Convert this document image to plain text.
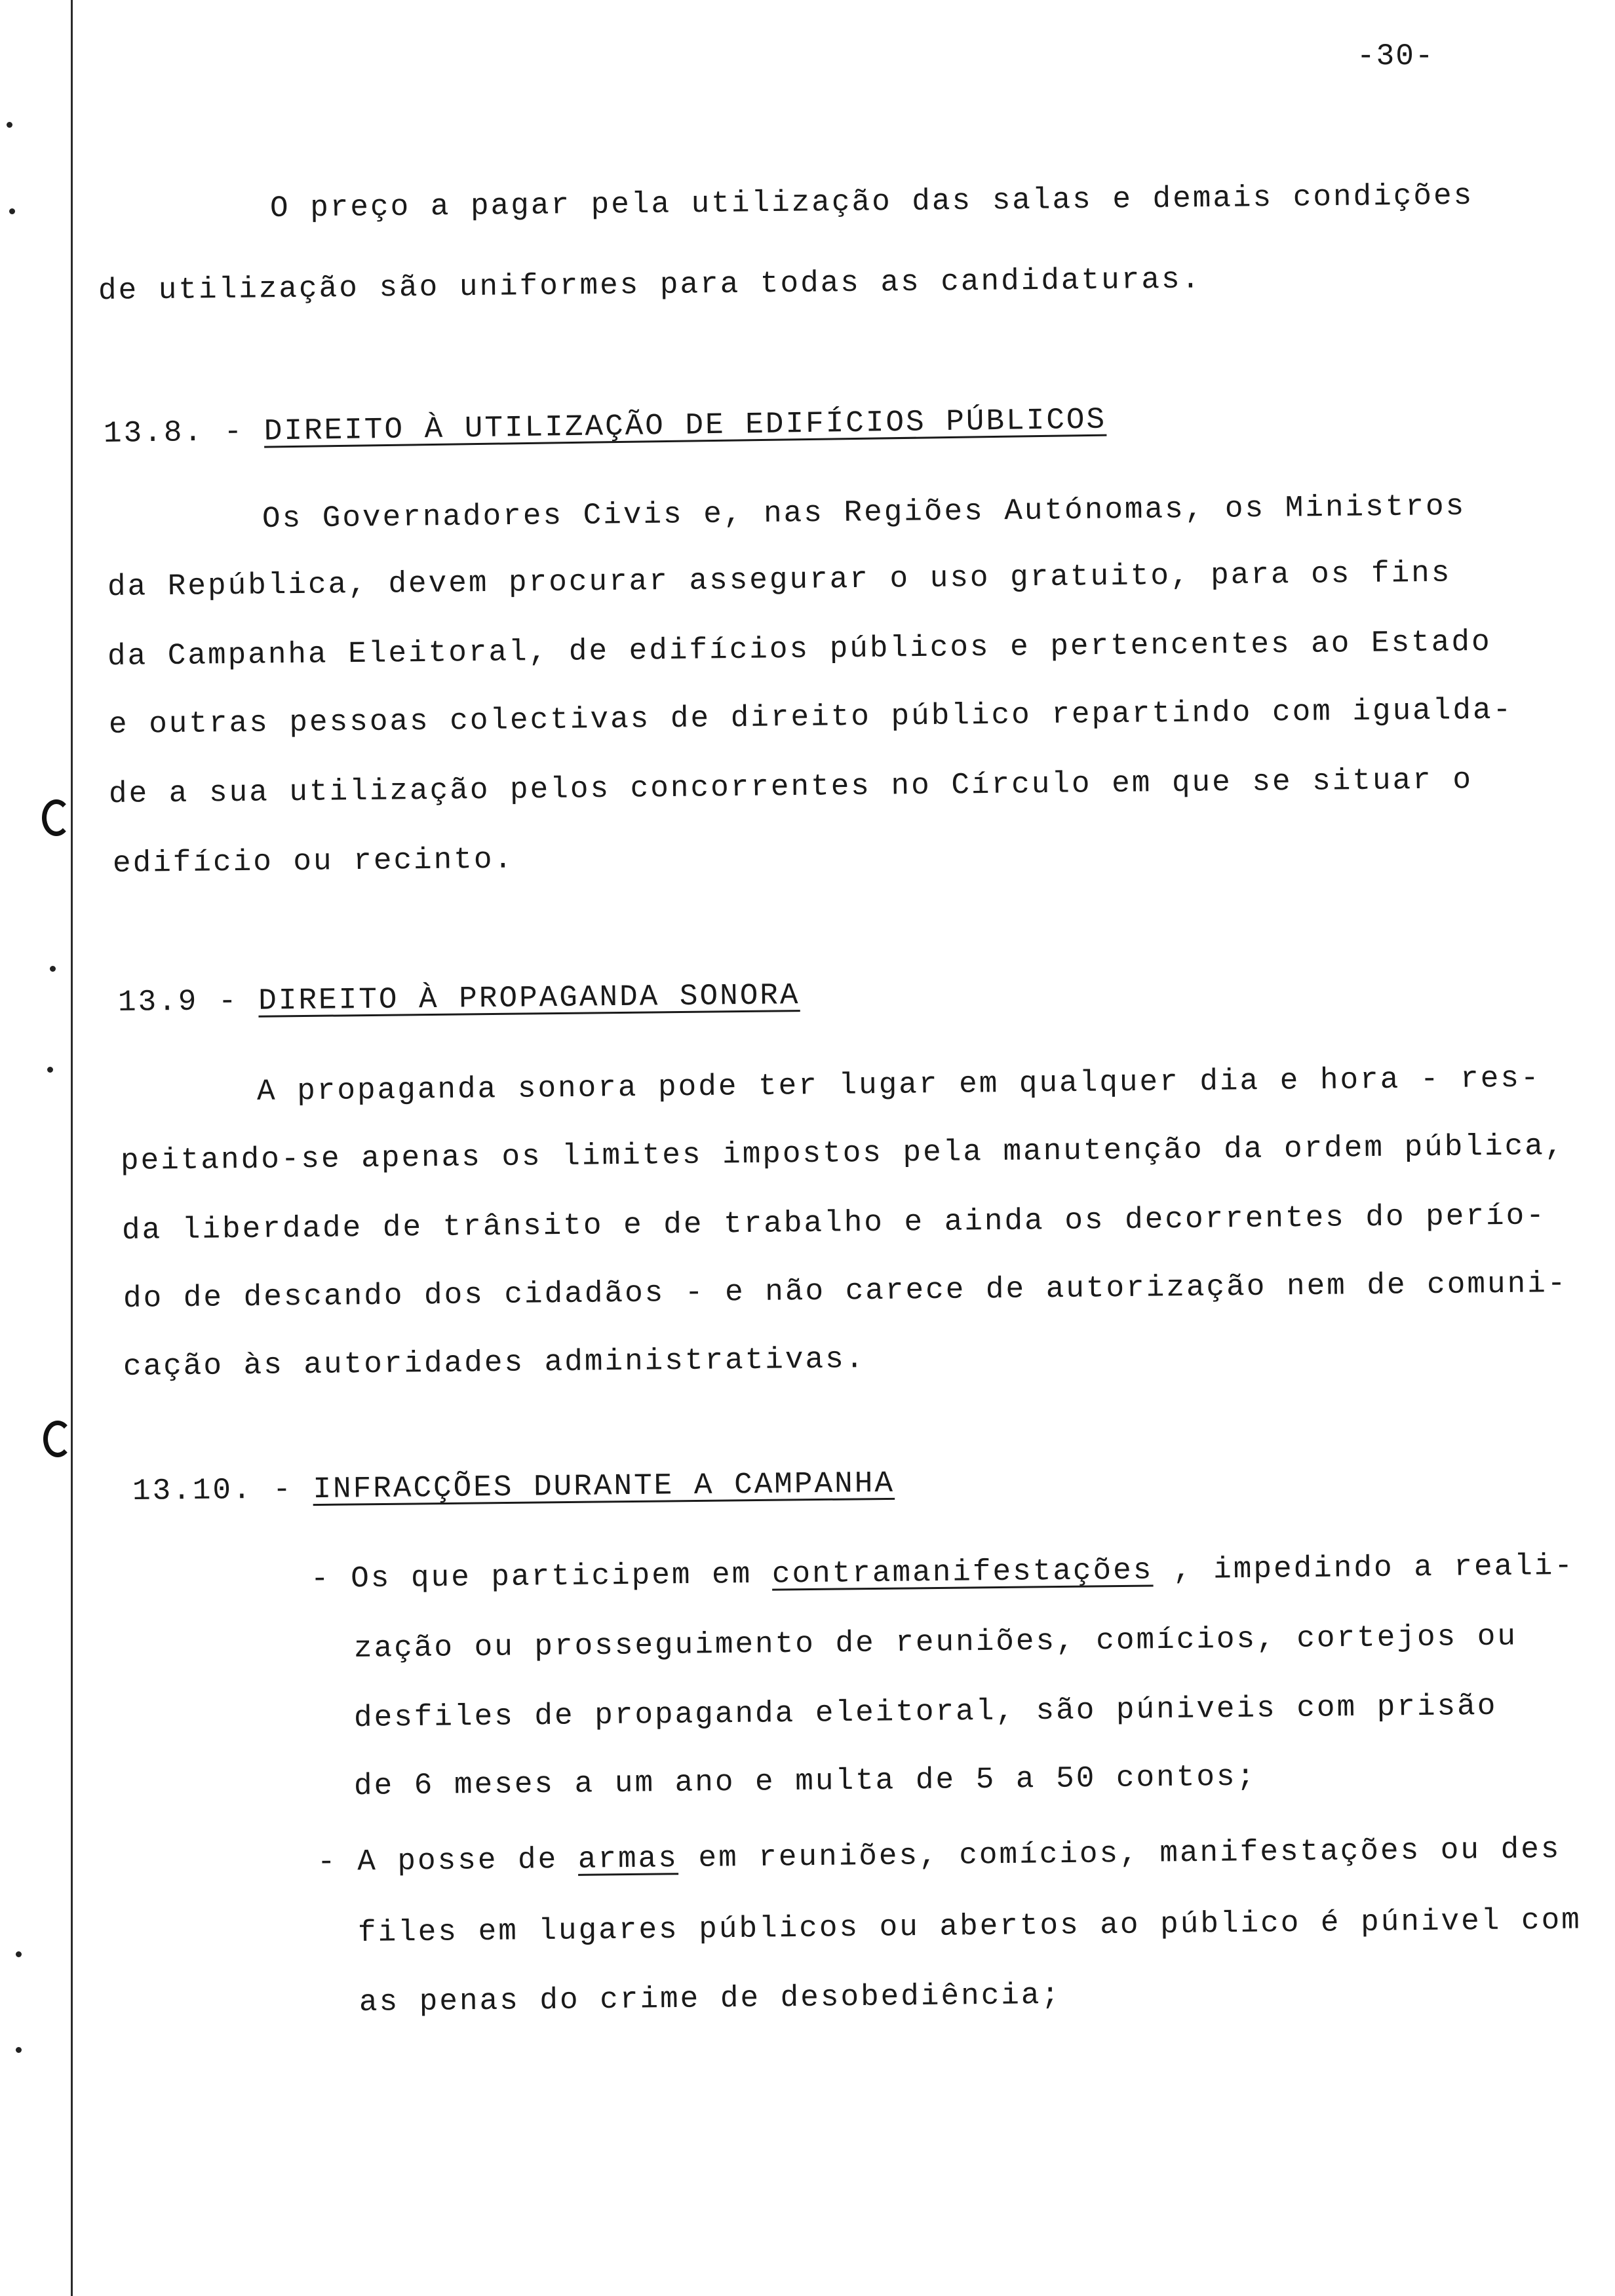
-30-
O preço a pagar pela utilização das salas e demais condições
de utilização são uniformes para todas as candidaturas.
13.8. - DIREITO À UTILIZAÇÃO DE EDIFÍCIOS PÚBLICOS
Os Governadores Civis e, nas Regiões Autónomas, os Ministros
da República, devem procurar assegurar o uso gratuito, para os fins
da Campanha Eleitoral, de edifícios públicos e pertencentes ao Estado
e outras pessoas colectivas de direito público repartindo com igualda-
de a sua utilização pelos concorrentes no Círculo em que se situar o
edifício ou recinto.
13.9 - DIREITO À PROPAGANDA SONORA
A propaganda sonora pode ter lugar em qualquer dia e hora - res-
peitando-se apenas os limites impostos pela manutenção da ordem pública,
da liberdade de trânsito e de trabalho e ainda os decorrentes do perío-
do de descando dos cidadãos - e não carece de autorização nem de comuni-
cação às autoridades administrativas.
13.10. - INFRACÇÕES DURANTE A CAMPANHA
- Os que participem em contramanifestações , impedindo a reali-
zação ou prosseguimento de reuniões, comícios, cortejos ou
desfiles de propaganda eleitoral, são púniveis com prisão
de 6 meses a um ano e multa de 5 a 50 contos;
- A posse de armas em reuniões, comícios, manifestações ou des
files em lugares públicos ou abertos ao público é púnivel com
as penas do crime de desobediência;
